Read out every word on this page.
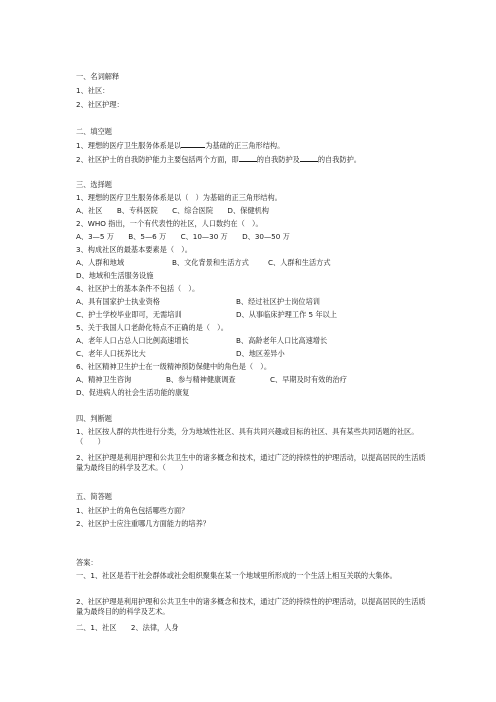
一、名词解释
1、社区：
2、社区护理：
二、填空题
1、理想的医疗卫生服务体系是以	为基础的正三角形结构。
2、社区护士的自我防护能力主要包括两个方面，即	的自我防护及	的自我防护。
三、选择题
1、理想的医疗卫生服务体系是以（　）为基础的正三角形结构。
A、社区　　B、专科医院　　C、综合医院　　D、保健机构
2、WHO 指出，一个有代表性的社区，人口数约在（　）。
A、3—5 万　　B、5—6 万　　C、10—30 万　　D、30—50 万
3、构成社区的最基本要素是（　）。
A、人群和地域	B、文化背景和生活方式	C、人群和生活方式
D、地域和生活服务设施
4、社区护士的基本条件不包括（　）。
A、具有国家护士执业资格	B、经过社区护士岗位培训
C、护士学校毕业即可，无需培训	D、从事临床护理工作 5 年以上
5、关于我国人口老龄化特点不正确的是（　）。
A、老年人口占总人口比例高速增长	B、高龄老年人口比高速增长
C、老年人口抚养比大	D、地区差异小
6、社区精神卫生护士在一级精神预防保健中的角色是（　）。
A、精神卫生咨询	B、参与精神健康调查	C、早期及时有效的治疗
D、促进病人的社会生活功能的康复
四、判断题
1、社区按人群的共性进行分类，分为地域性社区、具有共同兴趣或目标的社区、具有某些共同话题的社区。（　　）
2、社区护理是利用护理和公共卫生中的诸多概念和技术，通过广泛的持续性的护理活动，以提高居民的生活质量为最终目的科学及艺术。（　　）
五、简答题
1、社区护士的角色包括哪些方面？
2、社区护士应注重哪几方面能力的培养？
答案：
一、1、社区是若干社会群体或社会组织聚集在某一个地域里所形成的一个生活上相互关联的大集体。
2、社区护理是利用护理和公共卫生中的诸多概念和技术，通过广泛的持续性的护理活动，以提高居民的生活质量为最终目的的科学及艺术。
二、1、社区　　2、法律，人身
